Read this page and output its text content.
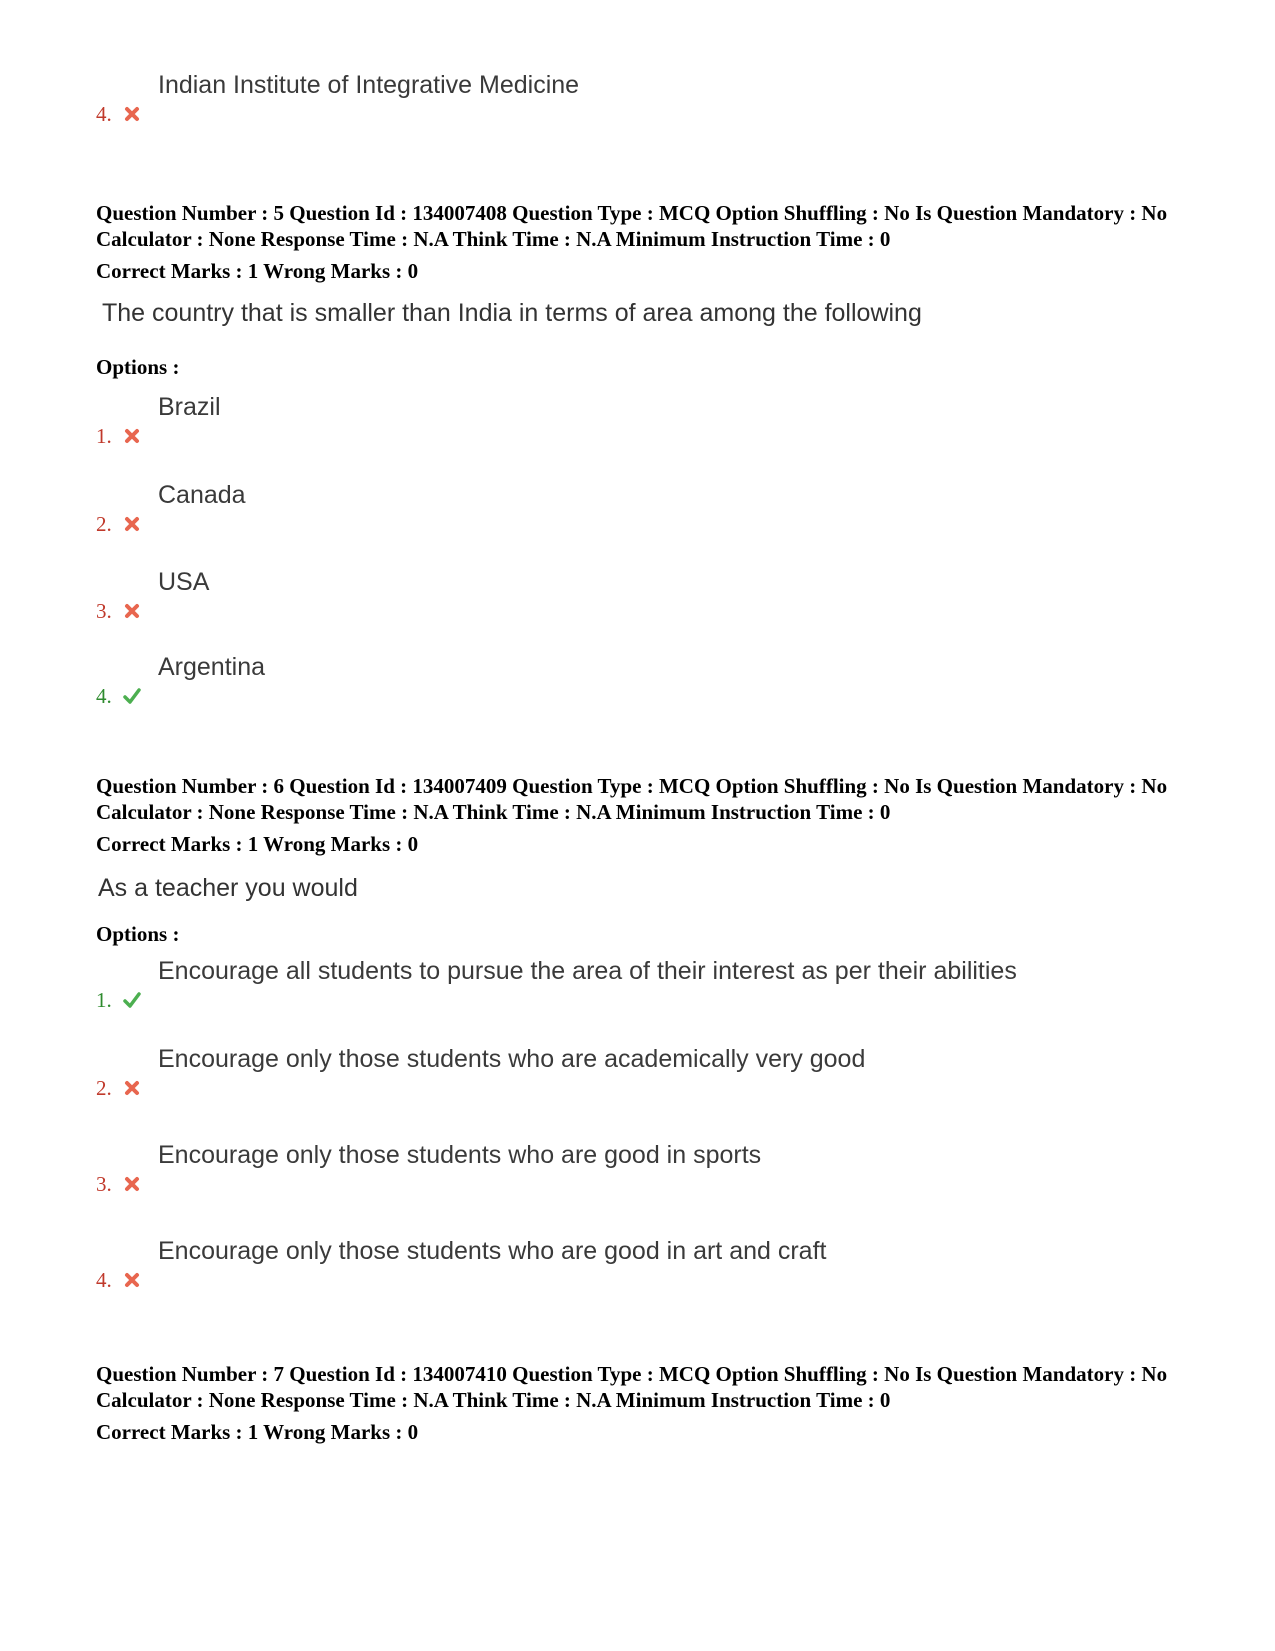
4.
Indian Institute of Integrative Medicine
Question Number : 5 Question Id : 134007408 Question Type : MCQ Option Shuffling : No Is Question Mandatory : No Calculator : None Response Time : N.A Think Time : N.A Minimum Instruction Time : 0
Correct Marks : 1 Wrong Marks : 0
The country that is smaller than India in terms of area among the following
Options :
1.
Brazil
2.
Canada
3.
USA
4.
Argentina
Question Number : 6 Question Id : 134007409 Question Type : MCQ Option Shuffling : No Is Question Mandatory : No Calculator : None Response Time : N.A Think Time : N.A Minimum Instruction Time : 0
Correct Marks : 1 Wrong Marks : 0
As a teacher you would
Options :
1.
Encourage all students to pursue the area of their interest as per their abilities
2.
Encourage only those students who are academically very good
3.
Encourage only those students who are good in sports
4.
Encourage only those students who are good in art and craft
Question Number : 7 Question Id : 134007410 Question Type : MCQ Option Shuffling : No Is Question Mandatory : No Calculator : None Response Time : N.A Think Time : N.A Minimum Instruction Time : 0
Correct Marks : 1 Wrong Marks : 0
